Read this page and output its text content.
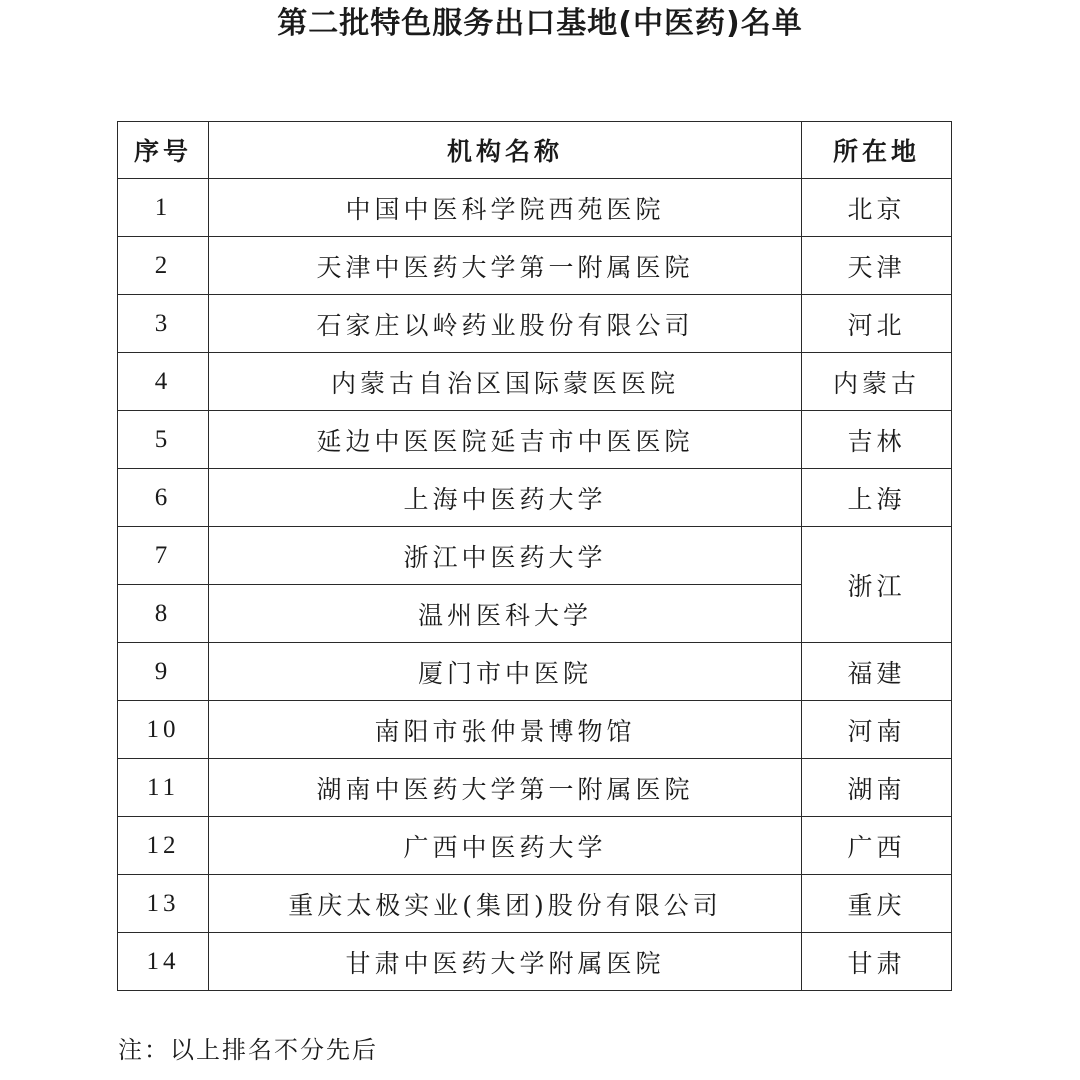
第二批特色服务出口基地(中医药)名单
序号	机构名称	所在地
1	中国中医科学院西苑医院	北京
2	天津中医药大学第一附属医院	天津
3	石家庄以岭药业股份有限公司	河北
4	内蒙古自治区国际蒙医医院	内蒙古
5	延边中医医院延吉市中医医院	吉林
6	上海中医药大学	上海
7	浙江中医药大学	浙江
8	温州医科大学	
9	厦门市中医院	福建
10	南阳市张仲景博物馆	河南
11	湖南中医药大学第一附属医院	湖南
12	广西中医药大学	广西
13	重庆太极实业(集团)股份有限公司	重庆
14	甘肃中医药大学附属医院	甘肃
注：以上排名不分先后
